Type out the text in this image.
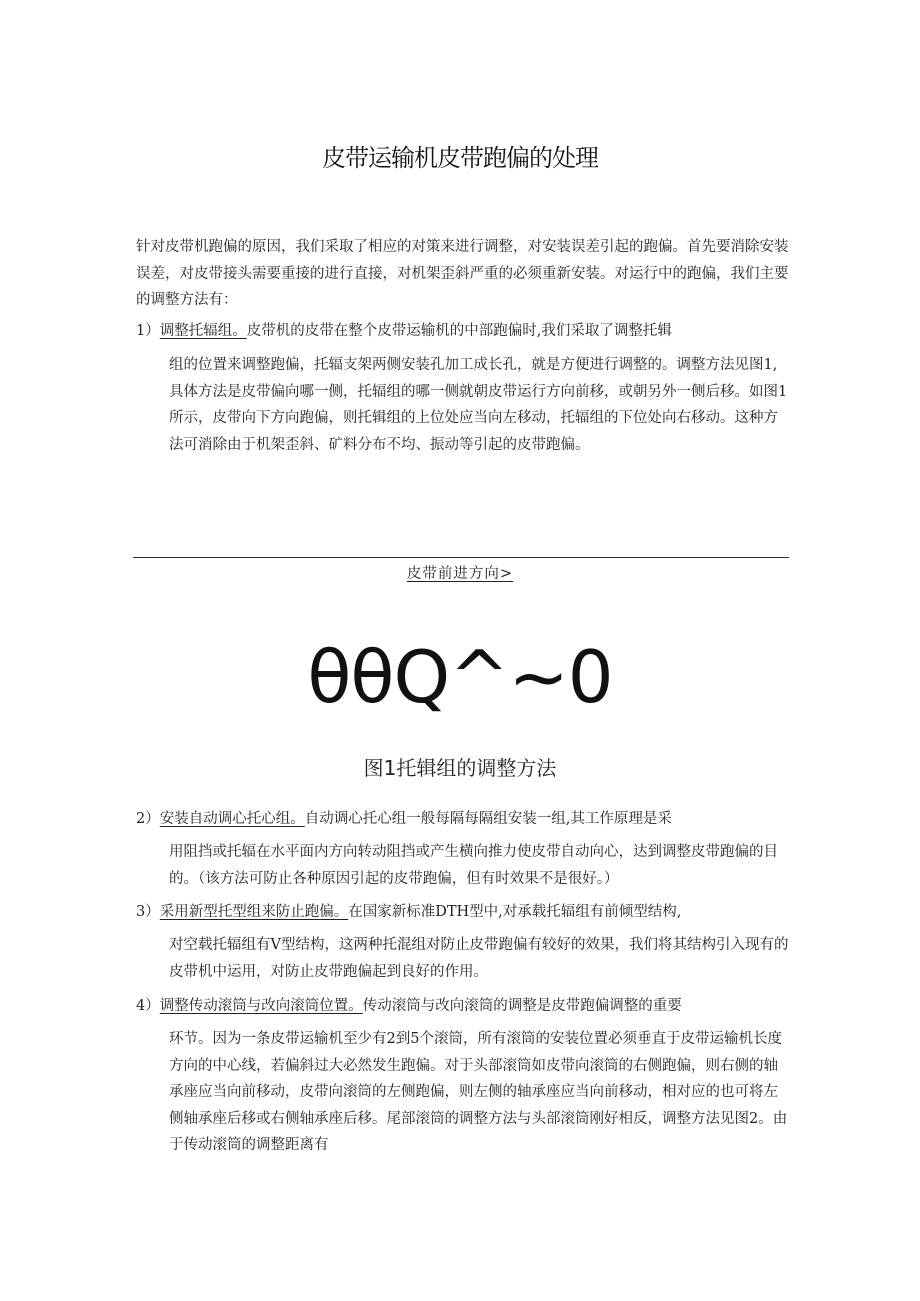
皮带运输机皮带跑偏的处理

针对皮带机跑偏的原因，我们采取了相应的对策来进行调整，对安装误差引起的跑偏。首先要消除安装误差，对皮带接头需要重接的进行直接，对机架歪斜严重的必须重新安装。对运行中的跑偏，我们主要的调整方法有：

1）调整托辐组。皮带机的皮带在整个皮带运输机的中部跑偏时,我们采取了调整托辑

组的位置来调整跑偏，托辐支架两侧安装孔加工成长孔，就是方便进行调整的。调整方法见图1,具体方法是皮带偏向哪一侧，托辐组的哪一侧就朝皮带运行方向前移，或朝另外一侧后移。如图1所示，皮带向下方向跑偏，则托辑组的上位处应当向左移动，托辐组的下位处向右移动。这种方法可消除由于机架歪斜、矿料分布不均、振动等引起的皮带跑偏。

皮带前进方向>
θθQ^~0
图1托辑组的调整方法
2）安装自动调心托心组。自动调心托心组一般每隔每隔组安装一组,其工作原理是采

用阻挡或托辐在水平面内方向转动阻挡或产生横向推力使皮带自动向心，达到调整皮带跑偏的目的。（该方法可防止各种原因引起的皮带跑偏，但有时效果不是很好。）

3）采用新型托型组来防止跑偏。在国家新标准DTH型中,对承载托辐组有前倾型结构,

对空载托辐组有V型结构，这两种托混组对防止皮带跑偏有较好的效果，我们将其结构引入现有的皮带机中运用，对防止皮带跑偏起到良好的作用。

4）调整传动滚筒与改向滚筒位置。传动滚筒与改向滚筒的调整是皮带跑偏调整的重要

环节。因为一条皮带运输机至少有2到5个滚筒，所有滚筒的安装位置必须垂直于皮带运输机长度方向的中心线，若偏斜过大必然发生跑偏。对于头部滚筒如皮带向滚筒的右侧跑偏，则右侧的轴承座应当向前移动，皮带向滚筒的左侧跑偏，则左侧的轴承座应当向前移动，相对应的也可将左侧轴承座后移或右侧轴承座后移。尾部滚筒的调整方法与头部滚筒刚好相反，调整方法见图2。由于传动滚筒的调整距离有
